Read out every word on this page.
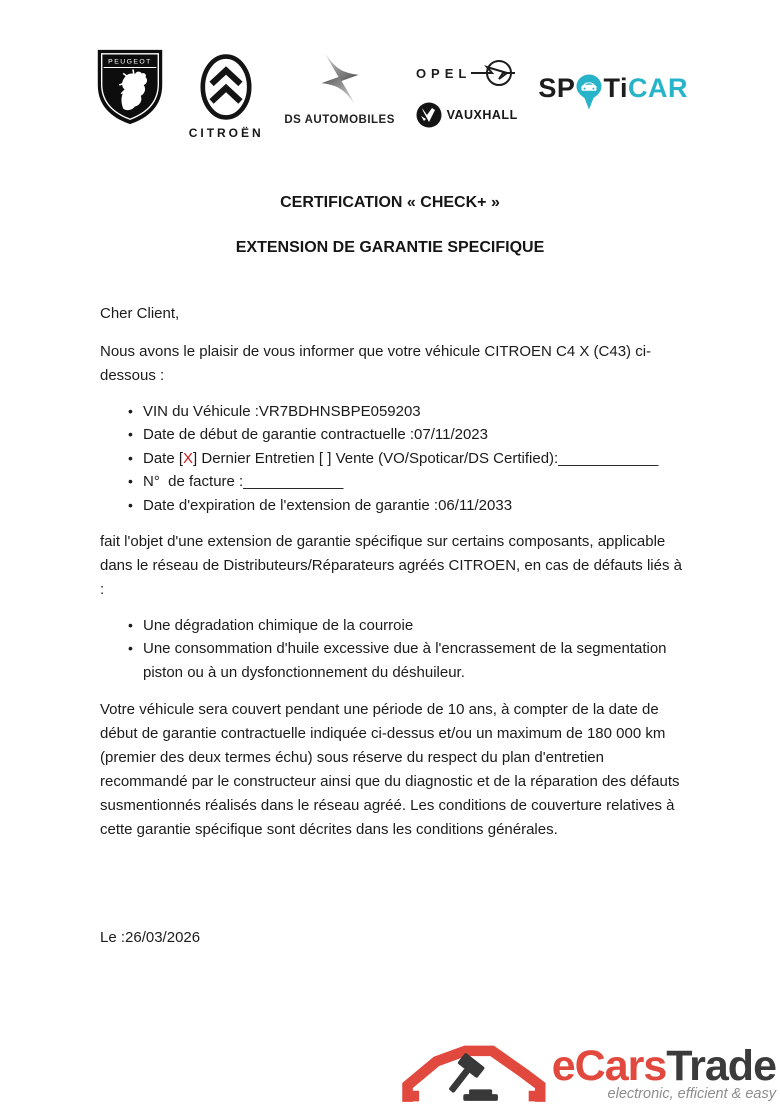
PEUGEOT
CITROËN
DS AUTOMOBILES
OPEL
VAUXHALL
SP Ti CAR
CERTIFICATION « CHECK+ »
EXTENSION DE GARANTIE SPECIFIQUE

Cher Client,

Nous avons le plaisir de vous informer que votre véhicule CITROEN C4 X (C43) ci-dessous :

• VIN du Véhicule :VR7BDHNSBPE059203
• Date de début de garantie contractuelle :07/11/2023
• Date [X] Dernier Entretien [ ] Vente (VO/Spoticar/DS Certified):____________
• N°  de facture :____________
• Date d'expiration de l'extension de garantie :06/11/2033

fait l'objet d'une extension de garantie spécifique sur certains composants, applicable dans le réseau de Distributeurs/Réparateurs agréés CITROEN, en cas de défauts liés à :

• Une dégradation chimique de la courroie
• Une consommation d'huile excessive due à l'encrassement de la segmentation piston ou à un dysfonctionnement du déshuileur.

Votre véhicule sera couvert pendant une période de 10 ans, à compter de la date de début de garantie contractuelle indiquée ci-dessus et/ou un maximum de 180 000 km (premier des deux termes échu) sous réserve du respect du plan d'entretien recommandé par le constructeur ainsi que du diagnostic et de la réparation des défauts susmentionnés réalisés dans le réseau agréé. Les conditions de couverture relatives à cette garantie spécifique sont décrites dans les conditions générales.

Le :26/03/2026

eCarsTrade
electronic, efficient & easy
